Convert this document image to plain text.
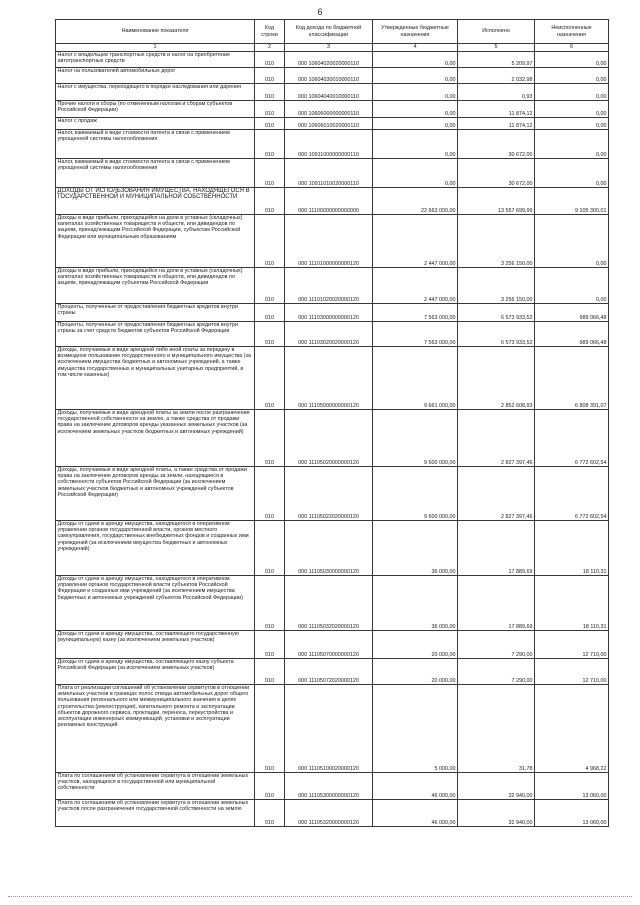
6
Наименование показателя	Код строки	Код дохода по бюджетной классификации	Утвержденные бюджетные назначения	Исполнено	Неисполненные назначения
1	2	3	4	5	6
Налог с владельцев транспортных средств и налог на приобретение автотранспортных средств	010	000 10604020020000110	0,00	5 209,97	0,00
Налог на пользователей автомобильных дорог	010	000 10604030010000110	0,00	2 032,98	0,00
Налог с имущества, переходящего в порядке наследования или дарения	010	000 10604040010000110	0,00	0,93	0,00
Прочие налоги и сборы (по отмененным налогам и сборам субъектов Российской Федерации)	010	000 10606000000000110	0,00	11 874,12	0,00
Налог с продаж	010	000 10606010020000110	0,00	11 874,12	0,00
Налог, взимаемый в виде стоимости патента в связи с применением упрощенной системы налогообложения	010	000 10911000000000110	0,00	30 672,00	0,00
Налог, взимаемый в виде стоимости патента в связи с применением упрощенной системы налогообложения	010	000 10911010020000110	0,00	30 672,00	0,00
ДОХОДЫ ОТ ИСПОЛЬЗОВАНИЯ ИМУЩЕСТВА, НАХОДЯЩЕГОСЯ В ГОСУДАРСТВЕННОЙ И МУНИЦИПАЛЬНОЙ СОБСТВЕННОСТИ	010	000 11100000000000000	22 663 000,00	13 557 699,99	9 105 300,01
Доходы в виде прибыли, приходящейся на доли в уставных (складочных) капиталах хозяйственных товариществ и обществ, или дивидендов по акциям, принадлежащим Российской Федерации, субъектам Российской Федерации или муниципальным образованиям	010	000 11101000000000120	2 447 000,00	3 256 150,00	0,00
Доходы в виде прибыли, приходящейся на доли в уставных (складочных) капиталах хозяйственных товариществ и обществ, или дивидендов по акциям, принадлежащим субъектам Российской Федерации	010	000 11101020020000120	2 447 000,00	3 256 150,00	0,00
Проценты, полученные от предоставления бюджетных кредитов внутри страны	010	000 11103000000000120	7 563 000,00	6 573 933,52	989 066,48
Проценты, полученные от предоставления бюджетных кредитов внутри страны за счет средств бюджетов субъектов Российской Федерации	010	000 11103020020000120	7 563 000,00	6 573 933,52	989 066,48
Доходы, получаемые в виде арендной либо иной платы за передачу в возмездное пользование государственного и муниципального имущества (за исключением имущества бюджетных и автономных учреждений, а также имущества государственных и муниципальных унитарных предприятий, в том числе казенных)	010	000 11105000000000120	9 661 000,00	2 852 608,93	6 808 391,07
Доходы, получаемые в виде арендной платы за земли после разграничения государственной собственности на землю, а также средства от продажи права на заключение договоров аренды указанных земельных участков (за исключением земельных участков бюджетных и автономных учреждений)	010	000 11105020000000120	9 600 000,00	2 827 397,46	6 772 602,54
Доходы, получаемые в виде арендной платы, а также средства от продажи права на заключение договоров аренды за земли, находящиеся в собственности субъектов Российской Федерации (за исключением земельных участков бюджетных и автономных учреждений субъектов Российской Федерации)	010	000 11105022020000120	9 600 000,00	2 827 397,46	6 772 602,54
Доходы от сдачи в аренду имущества, находящегося в оперативном управлении органов государственной власти, органов местного самоуправления, государственных внебюджетных фондов и созданных ими учреждений (за исключением имущества бюджетных и автономных учреждений)	010	000 11105030000000120	36 000,00	17 889,69	18 110,31
Доходы от сдачи в аренду имущества, находящегося в оперативном управлении органов государственной власти субъектов Российской Федерации и созданных ими учреждений (за исключением имущества бюджетных и автономных учреждений субъектов Российской Федерации)	010	000 11105032020000120	36 000,00	17 889,69	18 110,31
Доходы от сдачи в аренду имущества, составляющего государственную (муниципальную) казну (за исключением земельных участков)	010	000 11105070000000120	20 000,00	7 290,00	12 710,00
Доходы от сдачи в аренду имущества, составляющего казну субъекта Российской Федерации (за исключением земельных участков)	010	000 11105072020000120	20 000,00	7 290,00	12 710,00
Плата от реализации соглашений об установлении сервитутов в отношении земельных участков в границах полос отвода автомобильных дорог общего пользования регионального или межмуниципального значения в целях строительства (реконструкции), капитального ремонта и эксплуатации объектов дорожного сервиса, прокладки, переноса, переустройства и эксплуатации инженерных коммуникаций, установки и эксплуатации рекламных конструкций	010	000 11105100020000120	5 000,00	31,78	4 968,22
Плата по соглашениям об установлении сервитута в отношении земельных участков, находящихся в государственной или муниципальной собственности	010	000 11105300000000120	46 000,00	32 940,00	13 060,00
Плата по соглашениям об установлении сервитута в отношении земельных участков после разграничения государственной собственности на землю	010	000 11105320000000120	46 000,00	32 940,00	13 060,00
